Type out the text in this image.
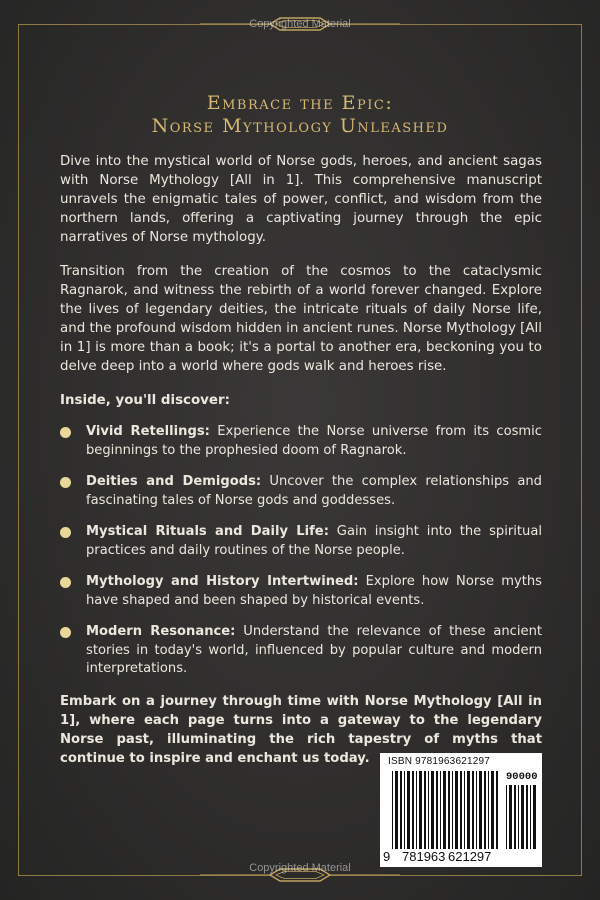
Copyrighted Material
Copyrighted Material
Embrace the Epic:
Norse Mythology Unleashed

Dive into the mystical world of Norse gods, heroes, and ancient sagas with Norse Mythology [All in 1]. This comprehensive manuscript unravels the enigmatic tales of power, conflict, and wisdom from the northern lands, offering a captivating journey through the epic narratives of Norse mythology.

Transition from the creation of the cosmos to the cataclysmic Ragnarok, and witness the rebirth of a world forever changed. Explore the lives of legendary deities, the intricate rituals of daily Norse life, and the profound wisdom hidden in ancient runes. Norse Mythology [All in 1] is more than a book; it's a portal to another era, beckoning you to delve deep into a world where gods walk and heroes rise.

Inside, you'll discover:

Vivid Retellings: Experience the Norse universe from its cosmic beginnings to the prophesied doom of Ragnarok.
Deities and Demigods: Uncover the complex relationships and fascinating tales of Norse gods and goddesses.
Mystical Rituals and Daily Life: Gain insight into the spiritual practices and daily routines of the Norse people.
Mythology and History Intertwined: Explore how Norse myths have shaped and been shaped by historical events.
Modern Resonance: Understand the relevance of these ancient stories in today's world, influenced by popular culture and modern interpretations.

Embark on a journey through time with Norse Mythology [All in 1], where each page turns into a gateway to the legendary Norse past, illuminating the rich tapestry of myths that continue to inspire and enchant us today.	ISBN 9781963621297
90000
9 781963 621297
